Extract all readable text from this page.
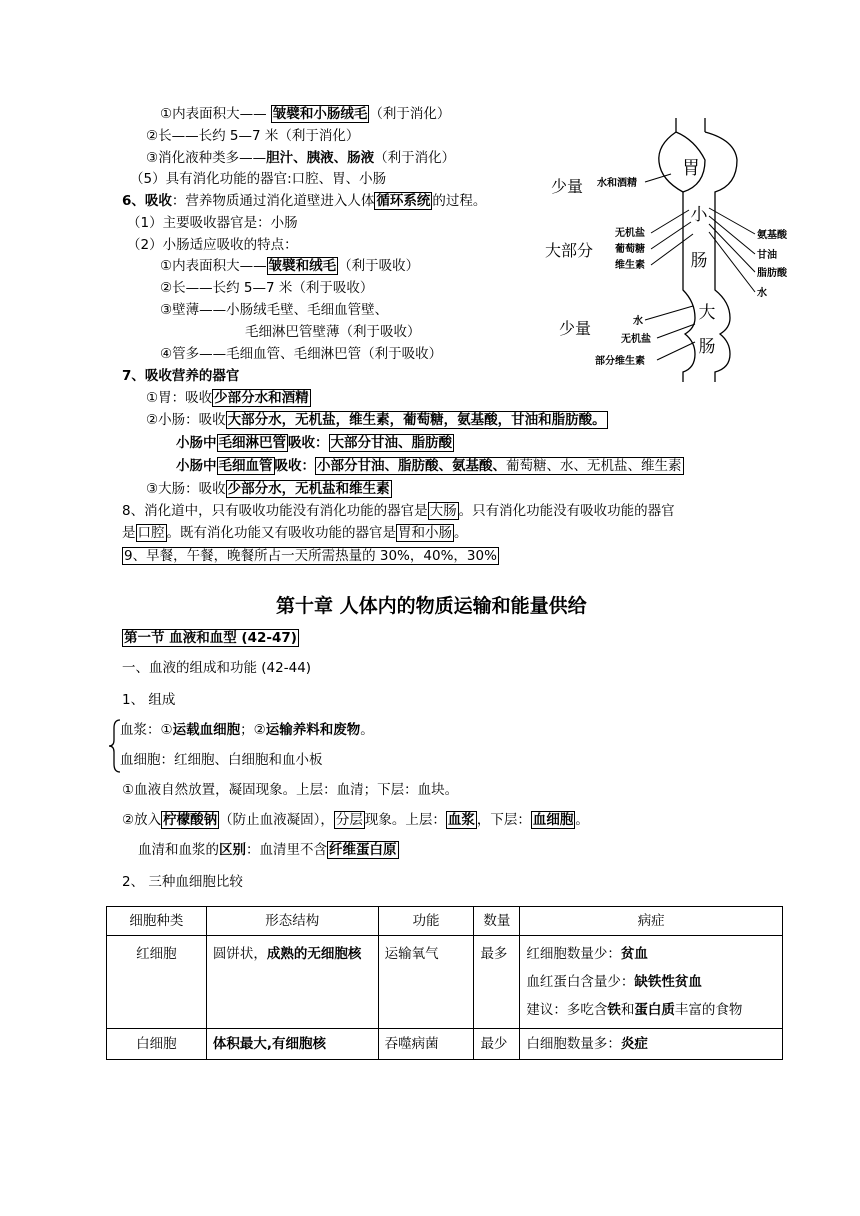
①内表面积大—— 皱襞和小肠绒毛 （利于消化）
②长——长约 5—7 米（利于消化）
③消化液种类多——胆汁、胰液、肠液（利于消化）
（5）具有消化功能的器官:口腔、胃、小肠
6、吸收：营养物质通过消化道壁进入人体 循环系统 的过程。
（1）主要吸收器官是：小肠
（2）小肠适应吸收的特点：
①内表面积大—— 皱襞和绒毛 （利于吸收）
②长——长约 5—7 米（利于吸收）
③壁薄——小肠绒毛壁、毛细血管壁、
毛细淋巴管壁薄（利于吸收）
④管多——毛细血管、毛细淋巴管（利于吸收）
7、吸收营养的器官
①胃：吸收 少部分水和酒精
②小肠：吸收 大部分水，无机盐，维生素，葡萄糖，氨基酸，甘油和脂肪酸。
小肠中 毛细淋巴管 吸收： 大部分甘油、脂肪酸
小肠中 毛细血管 吸收： 小部分甘油、脂肪酸、氨基酸、葡萄糖、水、无机盐、维生素
③大肠：吸收 少部分水，无机盐和维生素
8、消化道中，只有吸收功能没有消化功能的器官是 大肠 。只有消化功能没有吸收功能的器官
是 口腔 。既有消化功能又有吸收功能的器官是 胃和小肠 。
9、早餐，午餐，晚餐所占一天所需热量的 30%，40%，30%
胃
小
肠
大
肠
少量 水和酒精
大部分
无机盐
葡萄糖
维生素
氨基酸
甘油
脂肪酸
水
少量	水
无机盐
部分维生素
第十章 人体内的物质运输和能量供给
第一节 血液和血型 (42-47)
一、血液的组成和功能 (42-44)
1、 组成
血浆：①运载血细胞；②运输养料和废物。
血细胞：红细胞、白细胞和血小板
①血液自然放置，凝固现象。上层：血清；下层：血块。
②放入 柠檬酸钠 （防止血液凝固）， 分层 现象。上层： 血浆 ，下层： 血细胞 。
血清和血浆的区别：血清里不含 纤维蛋白原
2、 三种血细胞比较
细胞种类	形态结构	功能	数量	病症
红细胞	圆饼状，成熟的无细胞核	运输氧气	最多	红细胞数量少：贫血
血红蛋白含量少：缺铁性贫血
建议：多吃含铁和蛋白质丰富的食物

白细胞	体积最大,有细胞核	吞噬病菌	最少	白细胞数量多：炎症
